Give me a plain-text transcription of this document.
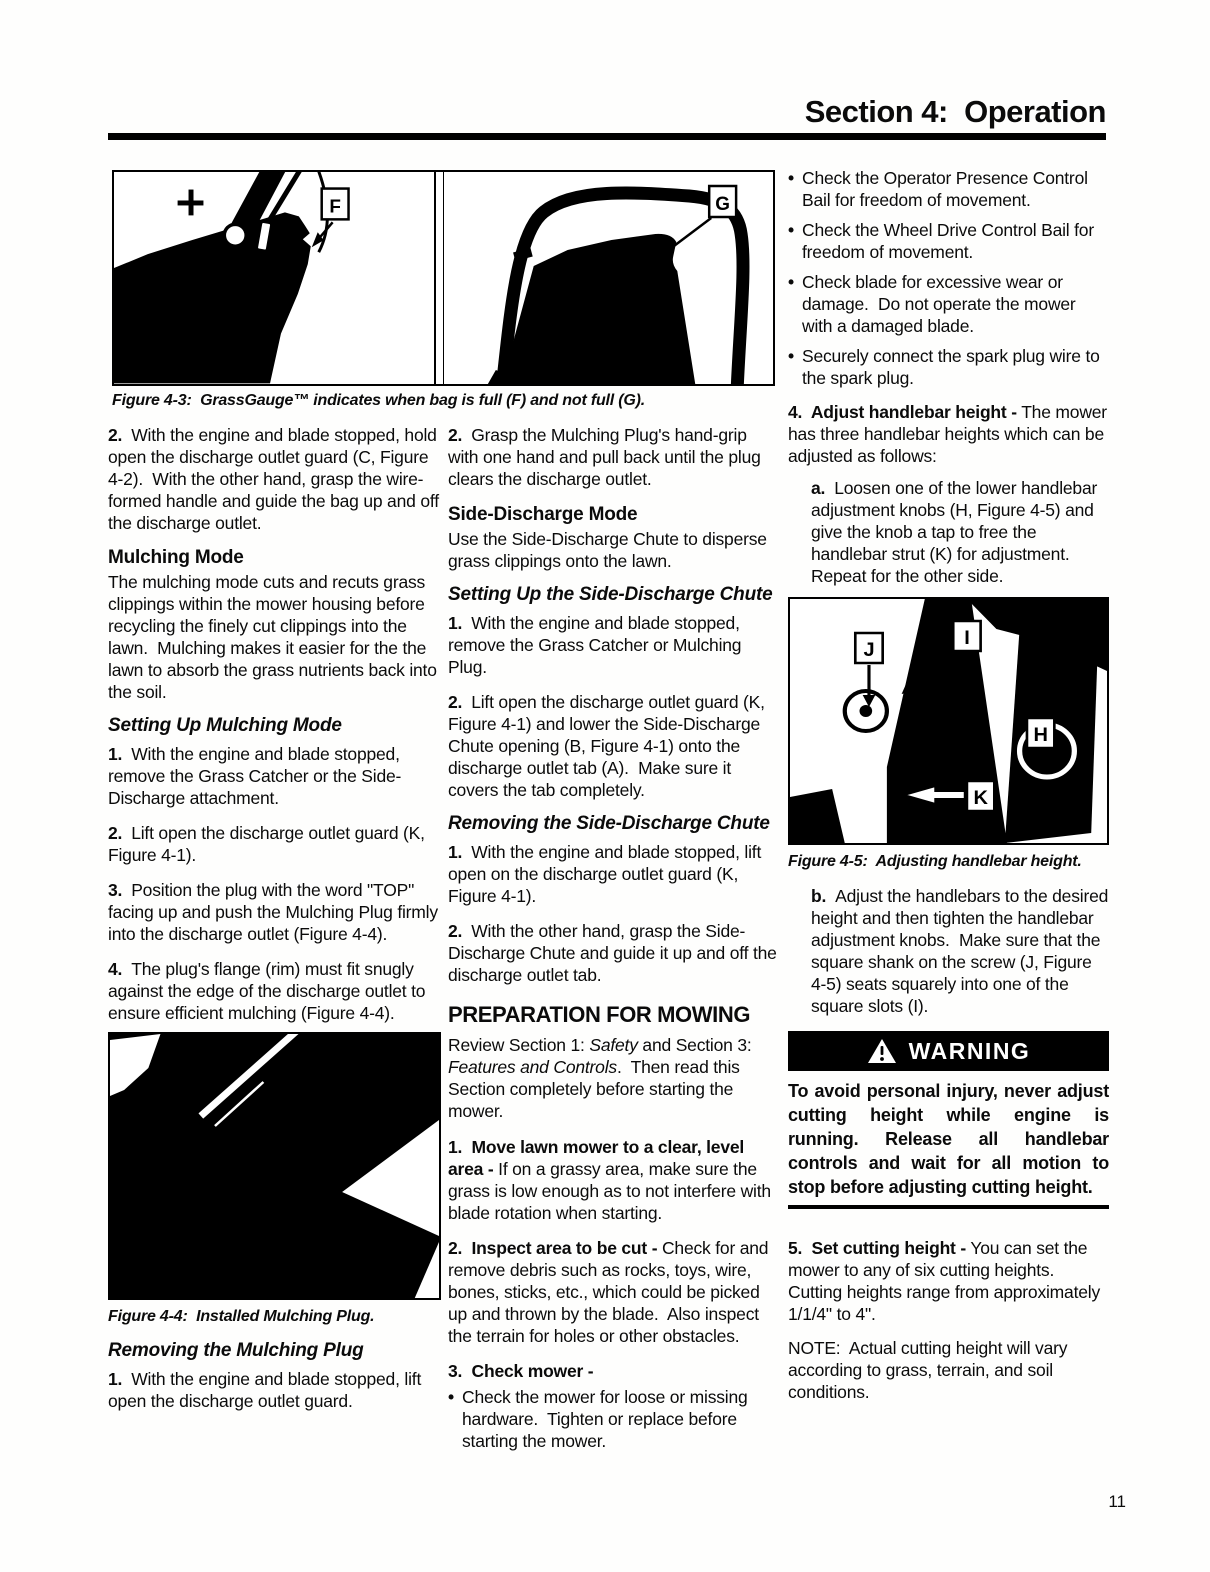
Section 4:  Operation
F	G
Figure 4-3:  GrassGauge™ indicates when bag is full (F) and not full (G).

2. With the engine and blade stopped, hold open the discharge outlet guard (C, Figure 4-2).  With the other hand, grasp the wire-formed handle and guide the bag up and off the discharge outlet.

Mulching Mode

The mulching mode cuts and recuts grass clippings within the mower housing before recycling the finely cut clippings into the lawn.  Mulching makes it easier for the the lawn to absorb the grass nutrients back into the soil.

Setting Up Mulching Mode

1. With the engine and blade stopped, remove the Grass Catcher or the Side-Discharge attachment.

2. Lift open the discharge outlet guard (K, Figure 4-1).

3. Position the plug with the word "TOP" facing up and push the Mulching Plug firmly into the discharge outlet (Figure 4-4).

4. The plug's flange (rim) must fit snugly against the edge of the discharge outlet to ensure efficient mulching (Figure 4-4).

Figure 4-4:  Installed Mulching Plug.
Removing the Mulching Plug

1. With the engine and blade stopped, lift open the discharge outlet guard.

2. Grasp the Mulching Plug's hand-grip with one hand and pull back until the plug clears the discharge outlet.

Side-Discharge Mode

Use the Side-Discharge Chute to disperse grass clippings onto the lawn.

Setting Up the Side-Discharge Chute

1. With the engine and blade stopped, remove the Grass Catcher or Mulching Plug.

2. Lift open the discharge outlet guard (K, Figure 4-1) and lower the Side-Discharge Chute opening (B, Figure 4-1) onto the discharge outlet tab (A).  Make sure it covers the tab completely.

Removing the Side-Discharge Chute

1. With the engine and blade stopped, lift open on the discharge outlet guard (K, Figure 4-1).

2. With the other hand, grasp the Side-Discharge Chute and guide it up and off the discharge outlet tab.

PREPARATION FOR MOWING

Review Section 1: Safety and Section 3: Features and Controls.  Then read this Section completely before starting the mower.

1.  Move lawn mower to a clear, level area - If on a grassy area, make sure the grass is low enough as to not interfere with blade rotation when starting.

2.  Inspect area to be cut - Check for and remove debris such as rocks, toys, wire, bones, sticks, etc., which could be picked up and thrown by the blade.  Also inspect the terrain for holes or other obstacles.

3.  Check mower -

• Check the mower for loose or missing hardware.  Tighten or replace before starting the mower.
• Check the Operator Presence Control Bail for freedom of movement.
• Check the Wheel Drive Control Bail for freedom of movement.
• Check blade for excessive wear or damage.  Do not operate the mower with a damaged blade.
• Securely connect the spark plug wire to the spark plug.

4.  Adjust handlebar height - The mower has three handlebar heights which can be adjusted as follows:

a. Loosen one of the lower handlebar adjustment knobs (H, Figure 4-5) and give the knob a tap to free the handlebar strut (K) for adjustment.  Repeat for the other side.

J
I
H
K
Figure 4-5:  Adjusting handlebar height.

b. Adjust the handlebars to the desired height and then tighten the handlebar adjustment knobs.  Make sure that the square shank on the screw (J, Figure 4-5) seats squarely into one of the square slots (I).

WARNING
To avoid personal injury, never adjust cutting height while engine is running. Release all handlebar controls and wait for all motion to stop before adjusting cutting height.

5.  Set cutting height - You can set the mower to any of six cutting heights.  Cutting heights range from approximately 1/1/4" to 4".

NOTE:  Actual cutting height will vary according to grass, terrain, and soil conditions.

11
